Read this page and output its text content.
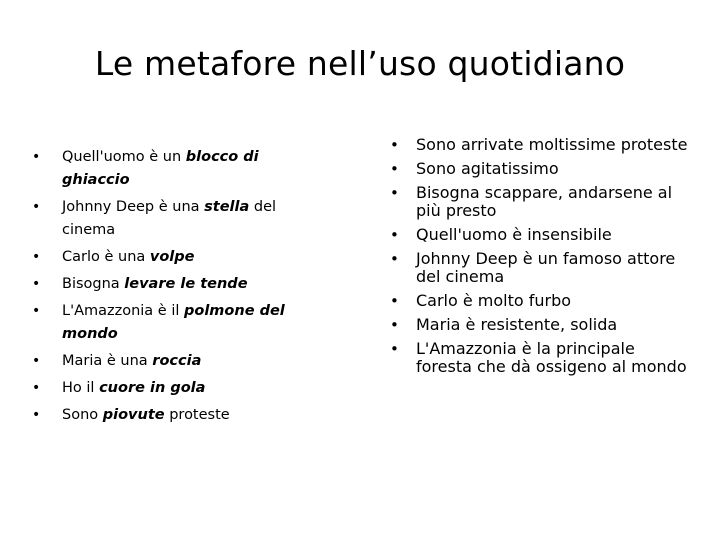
Le metafore nell’uso quotidiano
• Quell'uomo è un blocco di ghiaccio
• Johnny Deep è una stella del cinema
• Carlo è una volpe
• Bisogna levare le tende
• L'Amazzonia è il polmone del mondo
• Maria è una roccia
• Ho il cuore in gola
• Sono piovute proteste
• Sono arrivate moltissime proteste
• Sono agitatissimo
• Bisogna scappare, andarsene al più presto
• Quell'uomo è insensibile
• Johnny Deep è un famoso attore del cinema
• Carlo è molto furbo
• Maria è resistente, solida
• L'Amazzonia è la principale foresta che dà ossigeno al mondo
